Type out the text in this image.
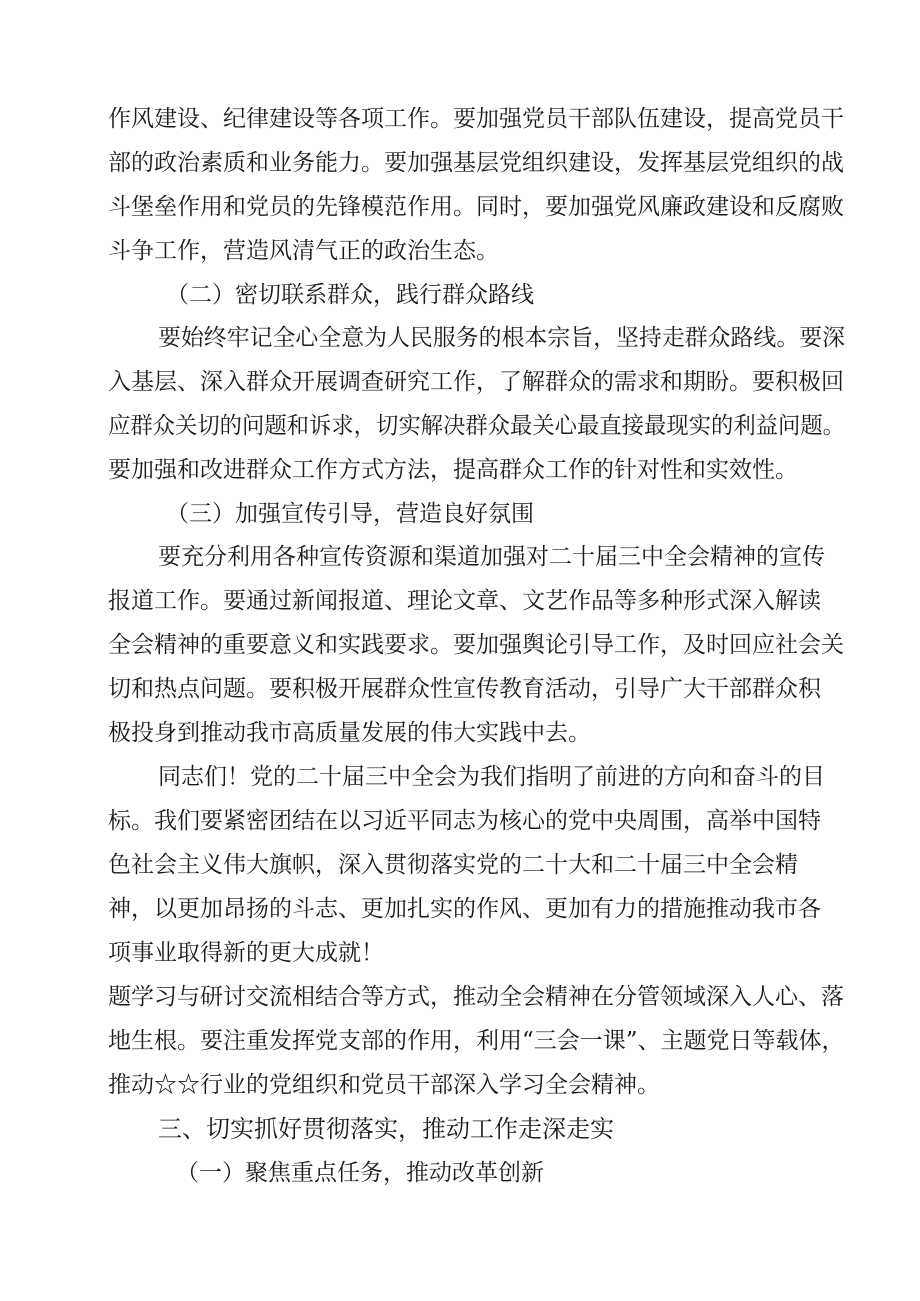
作风建设、纪律建设等各项工作。要加强党员干部队伍建设，提高党员干
部的政治素质和业务能力。要加强基层党组织建设，发挥基层党组织的战
斗堡垒作用和党员的先锋模范作用。同时，要加强党风廉政建设和反腐败
斗争工作，营造风清气正的政治生态。
（二）密切联系群众，践行群众路线
要始终牢记全心全意为人民服务的根本宗旨，坚持走群众路线。要深
入基层、深入群众开展调查研究工作，了解群众的需求和期盼。要积极回
应群众关切的问题和诉求，切实解决群众最关心最直接最现实的利益问题。
要加强和改进群众工作方式方法，提高群众工作的针对性和实效性。
（三）加强宣传引导，营造良好氛围
要充分利用各种宣传资源和渠道加强对二十届三中全会精神的宣传
报道工作。要通过新闻报道、理论文章、文艺作品等多种形式深入解读
全会精神的重要意义和实践要求。要加强舆论引导工作，及时回应社会关
切和热点问题。要积极开展群众性宣传教育活动，引导广大干部群众积
极投身到推动我市高质量发展的伟大实践中去。
同志们！党的二十届三中全会为我们指明了前进的方向和奋斗的目
标。我们要紧密团结在以习近平同志为核心的党中央周围，高举中国特
色社会主义伟大旗帜，深入贯彻落实党的二十大和二十届三中全会精
神，以更加昂扬的斗志、更加扎实的作风、更加有力的措施推动我市各
项事业取得新的更大成就！
题学习与研讨交流相结合等方式，推动全会精神在分管领域深入人心、落
地生根。要注重发挥党支部的作用，利用“三会一课”、主题党日等载体，
推动☆☆行业的党组织和党员干部深入学习全会精神。
三、切实抓好贯彻落实，推动工作走深走实
（一）聚焦重点任务，推动改革创新
